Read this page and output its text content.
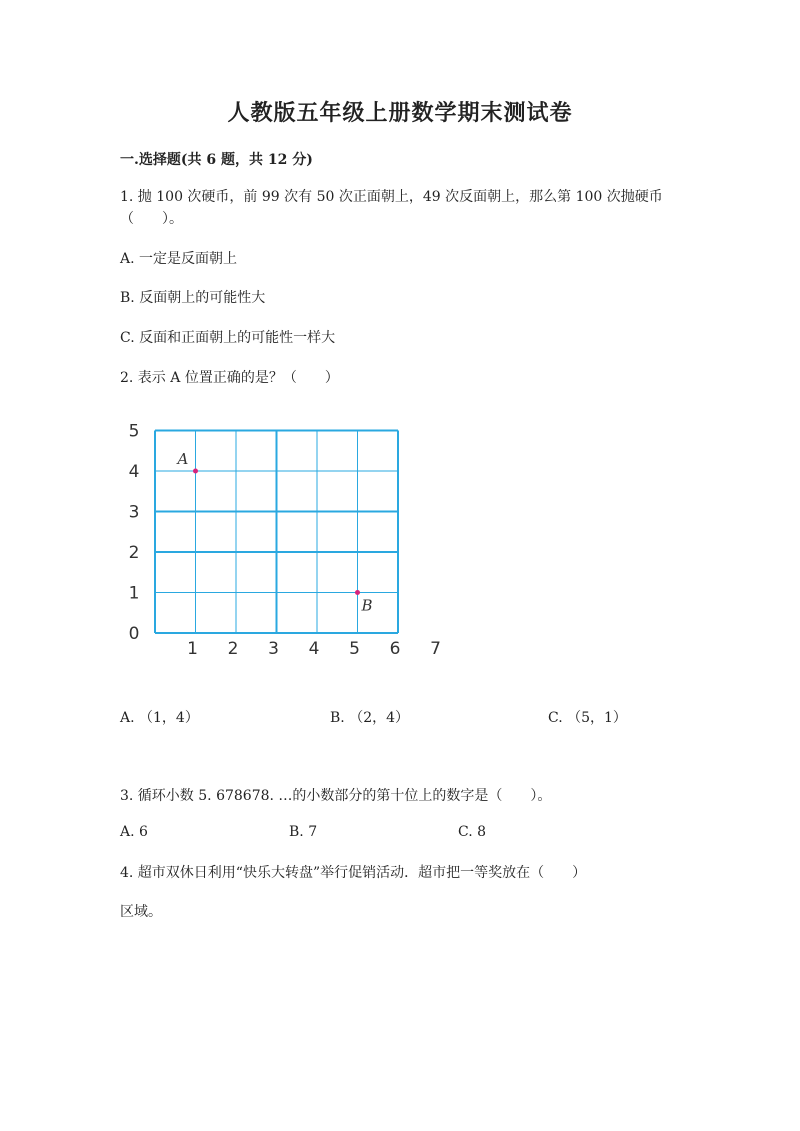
人教版五年级上册数学期末测试卷
一.选择题(共 6 题，共 12 分)
1. 抛 100 次硬币，前 99 次有 50 次正面朝上，49 次反面朝上，那么第 100 次抛硬币（　　）。
A. 一定是反面朝上
B. 反面朝上的可能性大
C. 反面和正面朝上的可能性一样大
2. 表示 A 位置正确的是？（　　）
0
1
2
3
4
5
1 2 3 4 5 6 7
A
B
A. （1，4）	B. （2，4）	C. （5，1）
3. 循环小数 5. 678678. …的小数部分的第十位上的数字是（　　）。
A. 6	B. 7	C. 8
4. 超市双休日利用“快乐大转盘”举行促销活动．超市把一等奖放在（　　）
区域。
